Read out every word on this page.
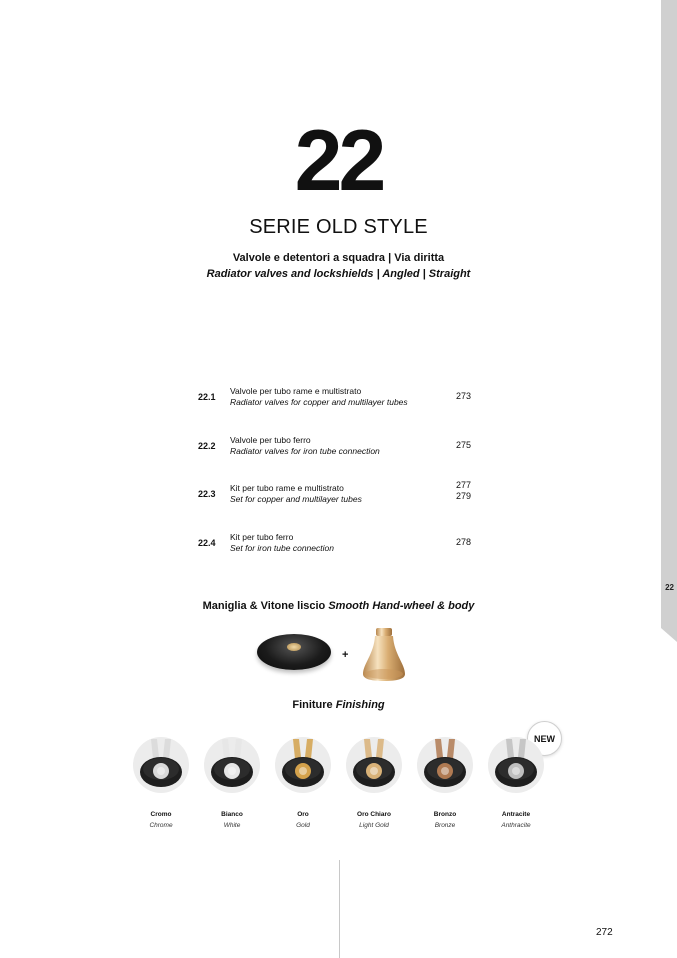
22
22
SERIE OLD STYLE
Valvole e detentori a squadra | Via diritta
Radiator valves and lockshields | Angled | Straight
22.1
Valvole per tubo rame e multistrato
Radiator valves for copper and multilayer tubes
273
22.2
Valvole per tubo ferro
Radiator valves for iron tube connection
275
22.3
Kit per tubo rame e multistrato
Set for copper and multilayer tubes
277
279
22.4
Kit per tubo ferro
Set for iron tube connection
278
Maniglia & Vitone liscio Smooth Hand-wheel & body
+
Finiture Finishing
NEW
Cromo
Chrome
Bianco
White
Oro
Gold
Oro Chiaro
Light Gold
Bronzo
Bronze
Antracite
Anthracite
272
